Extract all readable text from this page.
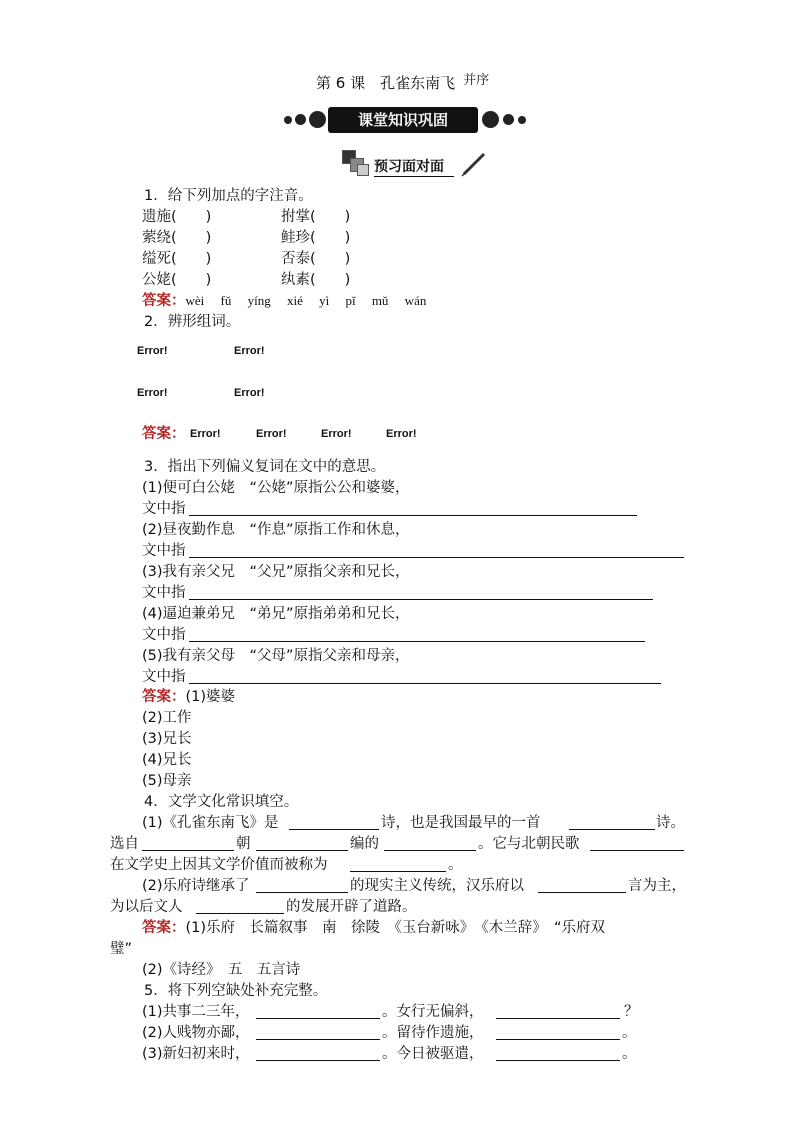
第 6 课　孔雀东南飞 并序
课堂知识巩固
预习面对面
1．给下列加点的字注音。
遗施(　　)	拊掌(　　)
萦绕(　　)	鲑珍(　　)
缢死(　　)	否泰(　　)
公姥(　　)	纨素(　　)
答案：wèi　 fǔ　 yíng　 xié　 yì　 pǐ　 mǔ　 wán
2．辨形组词。
Error!	Error!
Error!	Error!
答案： Error!	Error!	Error!	Error!
3．指出下列偏义复词在文中的意思。
(1)便可白公姥　“公姥”原指公公和婆婆，
文中指
(2)昼夜勤作息　“作息”原指工作和休息，
文中指
(3)我有亲父兄　“父兄”原指父亲和兄长，
文中指
(4)逼迫兼弟兄　“弟兄”原指弟弟和兄长，
文中指
(5)我有亲父母　“父母”原指父亲和母亲，
文中指
答案：(1)婆婆
(2)工作
(3)兄长
(4)兄长
(5)母亲
4．文学文化常识填空。
(1)《孔雀东南飞》是	诗，也是我国最早的一首	诗。
选自	朝	编的	。它与北朝民歌
在文学史上因其文学价值而被称为	。
(2)乐府诗继承了	的现实主义传统，汉乐府以	言为主，
为以后文人	的发展开辟了道路。
答案：(1)乐府　长篇叙事　南　徐陵　《玉台新咏》　《木兰辞》　“乐府双
璧”
(2)《诗经》　五　五言诗
5．将下列空缺处补充完整。
(1)共事二三年，	。女行无偏斜，	？
(2)人贱物亦鄙，	。留待作遗施，	。
(3)新妇初来时，	。今日被驱遣，	。
